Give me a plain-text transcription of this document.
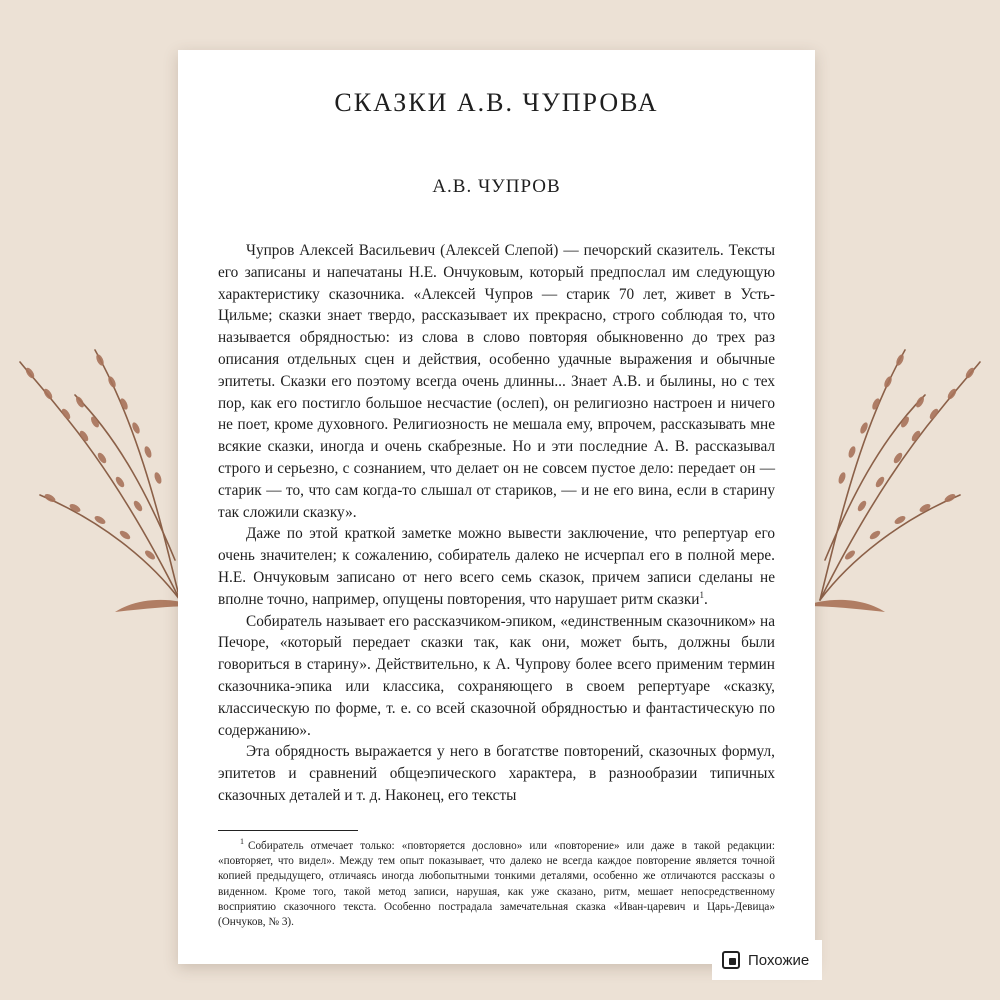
СКАЗКИ А.В. ЧУПРОВА
А.В. ЧУПРОВ

Чупров Алексей Васильевич (Алексей Слепой) — печорский сказитель. Тексты его записаны и напечатаны Н.Е. Ончуковым, который предпослал им следующую характеристику сказочника. «Алексей Чупров — старик 70 лет, живет в Усть-Цильме; сказки знает твердо, рассказывает их прекрасно, строго соблюдая то, что называется обрядностью: из слова в слово повторяя обыкновенно до трех раз описания отдельных сцен и действия, особенно удачные выражения и обычные эпитеты. Сказки его поэтому всегда очень длинны... Знает А.В. и былины, но с тех пор, как его постигло большое несчастие (ослеп), он религиозно настроен и ничего не поет, кроме духовного. Религиозность не мешала ему, впрочем, рассказывать мне всякие сказки, иногда и очень скабрезные. Но и эти последние А. В. рассказывал строго и серьезно, с сознанием, что делает он не совсем пустое дело: передает он — старик — то, что сам когда-то слышал от стариков, — и не его вина, если в старину так сложили сказку».

Даже по этой краткой заметке можно вывести заключение, что репертуар его очень значителен; к сожалению, собиратель далеко не исчерпал его в полной мере. Н.Е. Ончуковым записано от него всего семь сказок, причем записи сделаны не вполне точно, например, опущены повторения, что нарушает ритм сказки$^1$.

Собиратель называет его рассказчиком-эпиком, «единственным сказочником» на Печоре, «который передает сказки так, как они, может быть, должны были говориться в старину». Действительно, к А. Чупрову более всего применим термин сказочника-эпика или классика, сохраняющего в своем репертуаре «сказку, классическую по форме, т. е. со всей сказочной обрядностью и фантастическую по содержанию».

Эта обрядность выражается у него в богатстве повторений, сказочных формул, эпитетов и сравнений общеэпического характера, в разнообразии типичных сказочных деталей и т. д. Наконец, его тексты

$^1$ Собиратель отмечает только: «повторяется дословно» или «повторение» или даже в такой редакции: «повторяет, что видел». Между тем опыт показывает, что далеко не всегда каждое повторение является точной копией предыдущего, отличаясь иногда любопытными тонкими деталями, особенно же отличаются рассказы о виденном. Кроме того, такой метод записи, нарушая, как уже сказано, ритм, мешает непосредственному восприятию сказочного текста. Особенно пострадала замечательная сказка «Иван-царевич и Царь-Девица» (Ончуков, № 3).

Похожие
